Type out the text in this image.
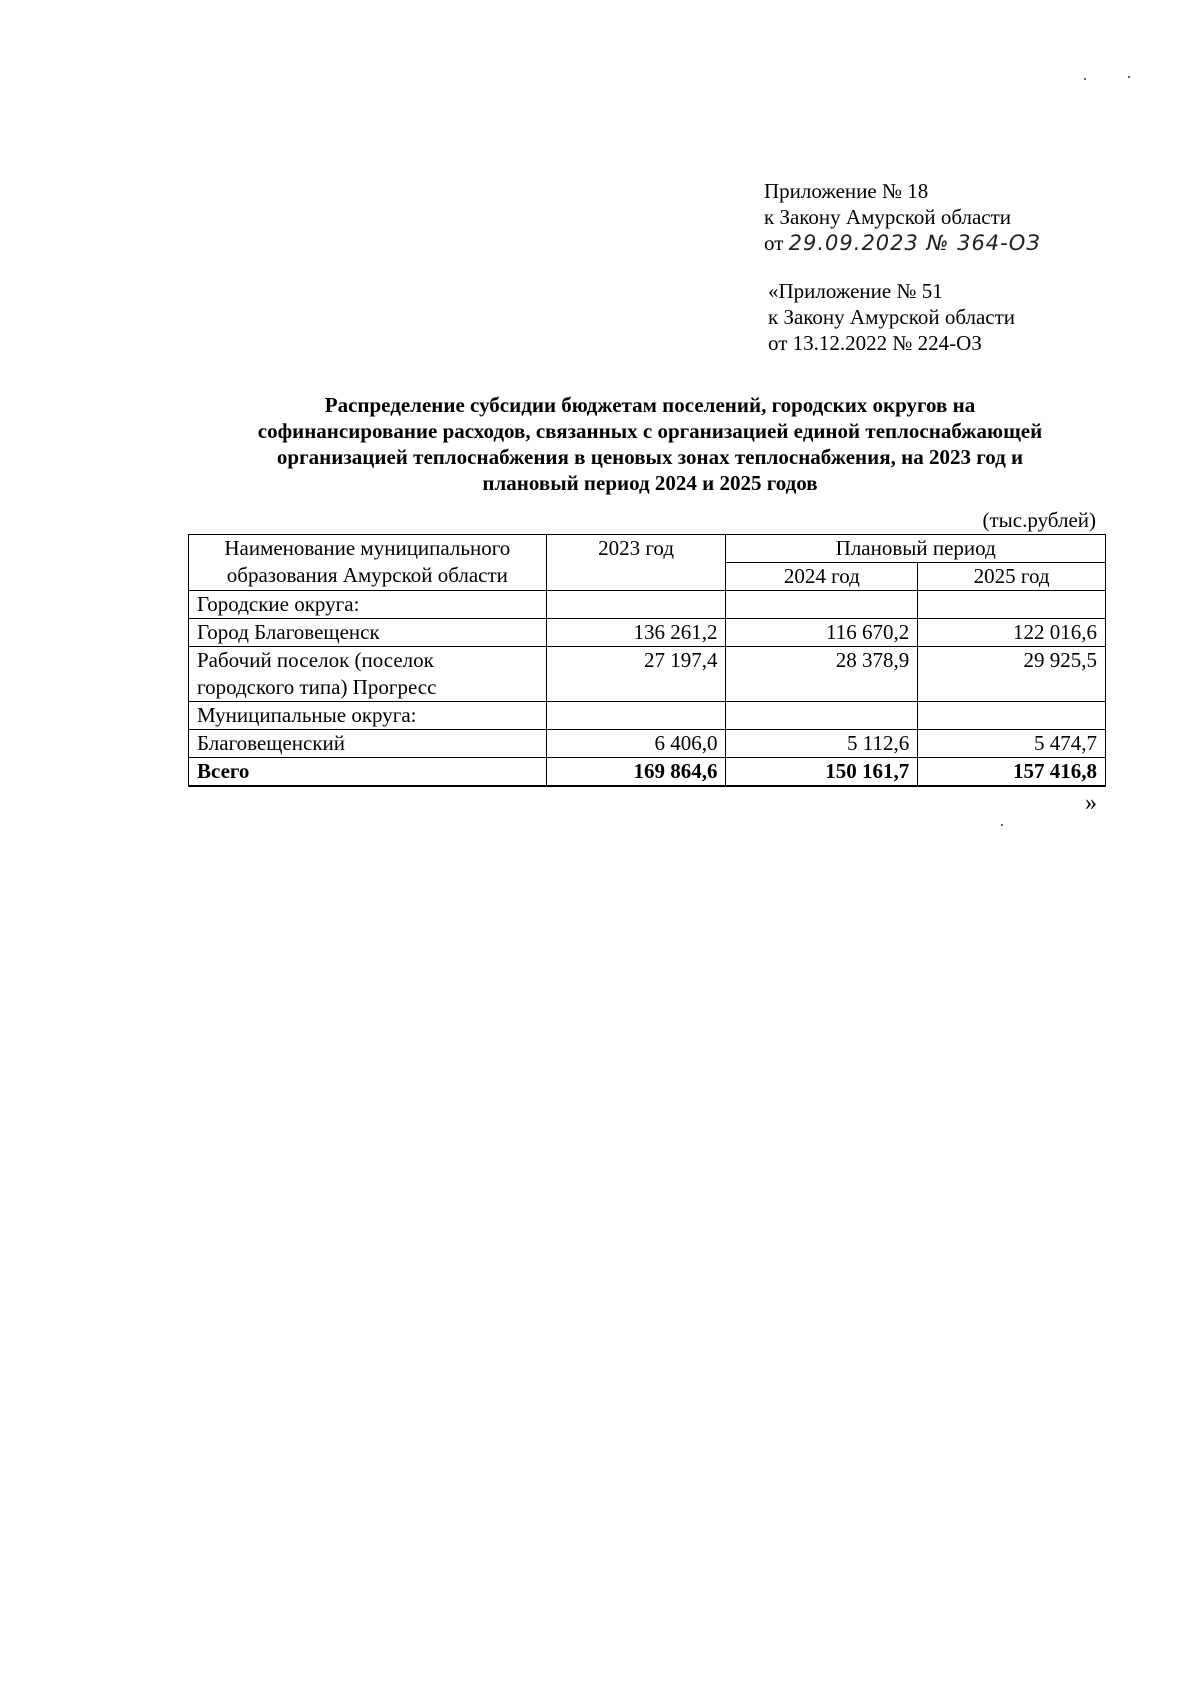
Приложение № 18
к Закону Амурской области
от 29.09.2023 № 364-ОЗ
«Приложение № 51
к Закону Амурской области
от 13.12.2022 № 224-ОЗ
Распределение субсидии бюджетам поселений, городских округов на
софинансирование расходов, связанных с организацией единой теплоснабжающей
организацией теплоснабжения в ценовых зонах теплоснабжения, на 2023 год и
плановый период 2024 и 2025 годов
(тыс.рублей)
Наименование муниципального
образования Амурской области	2023 год	Плановый период	
		2024 год	2025 год
Городские округа:			
Город Благовещенск	136 261,2	116 670,2	122 016,6

Рабочий поселок (поселок
городского типа) Прогресс	27 197,4	28 378,9	29 925,5
Муниципальные округа:			
Благовещенский	6 406,0	5 112,6	5 474,7
Всего	169 864,6	150 161,7	157 416,8
»
